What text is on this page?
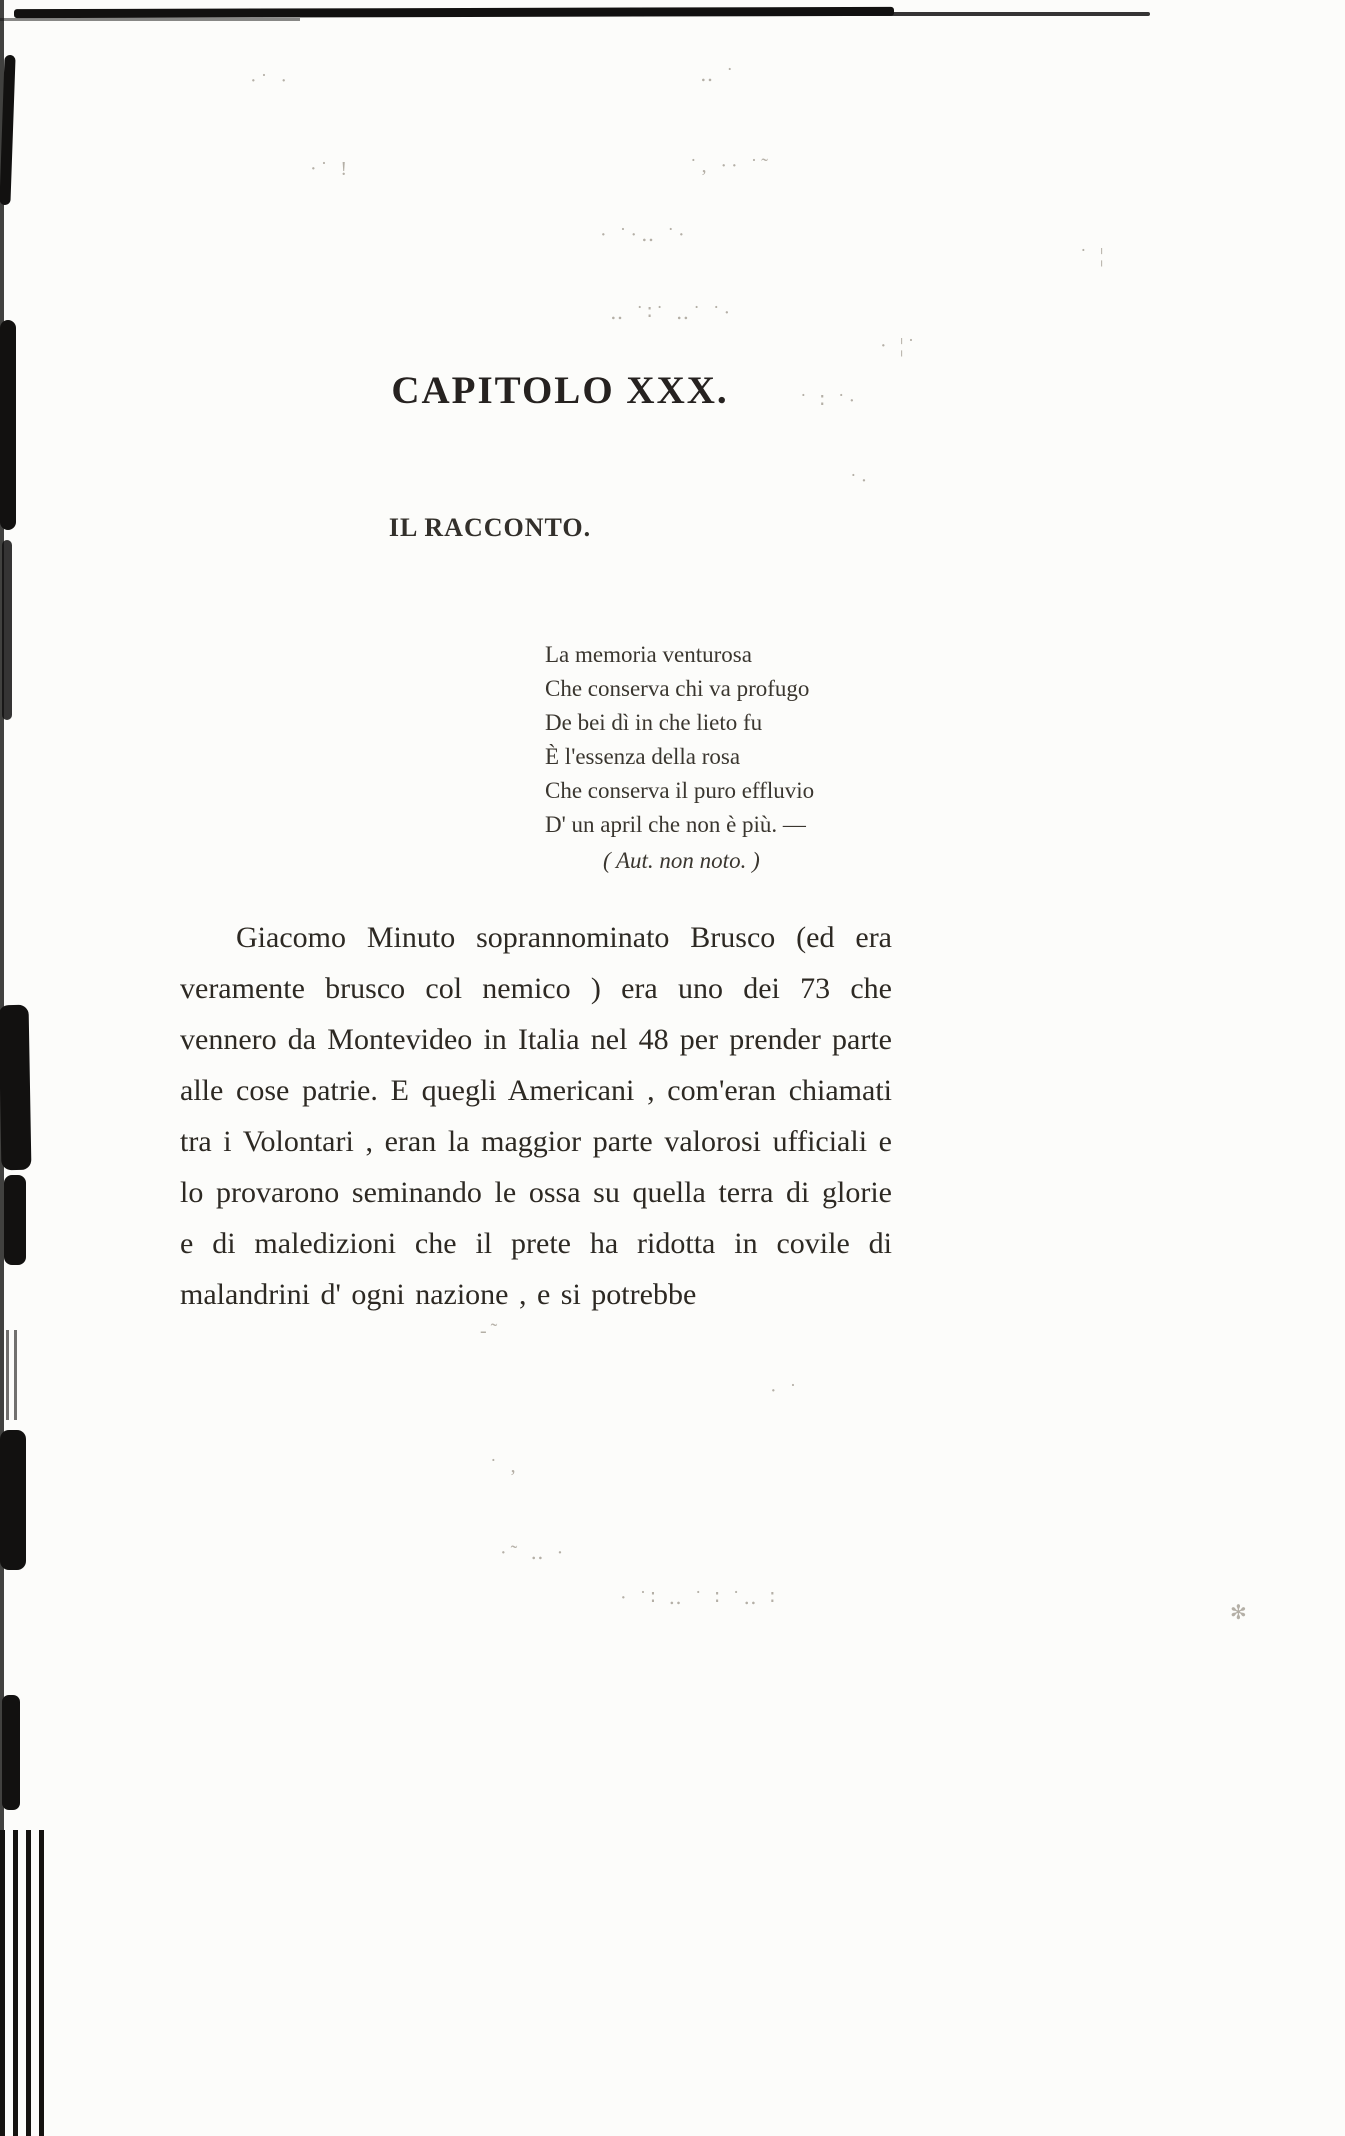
·˙ ·	‥ ˙
·˙ !	˙‚ ·· ˙˜
· ˙·‥ ˙·
˙ ¦
‥ ˙∶˙ ‥˙ ˙·
· ¦˙
˙ ∶ ˙·
˙·
-˜
· ˙
˙ ‚
·˜ ‥ ·
· ˙∶ ‥ ˙ ∶ ˙‥ ∶
✻
CAPITOLO XXX.
IL RACCONTO.
La memoria venturosa
Che conserva chi va profugo
De bei dì in che lieto fu
È l'essenza della rosa
Che conserva il puro effluvio
D' un april che non è più. —
( Aut. non noto. )

Giacomo Minuto soprannominato Brusco (ed era veramente brusco col nemico ) era uno dei 73 che vennero da Montevideo in Italia nel 48 per prender parte alle cose patrie. E quegli Americani , com'eran chiamati tra i Volontari , eran la maggior parte valorosi ufficiali e lo provarono seminando le ossa su quella terra di glorie e di maledizioni che il prete ha ridotta in covile di malandrini d' ogni nazione , e si potrebbe
